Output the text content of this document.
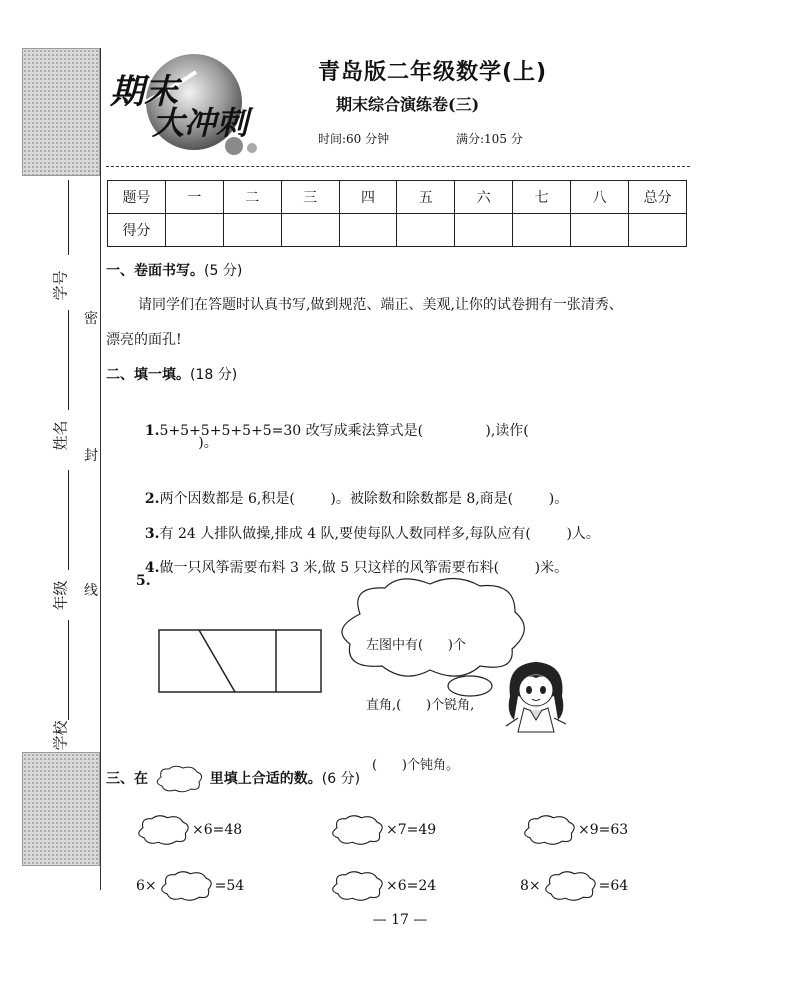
学号
姓名
年级
学校
密
封
线
期末
大冲刺
青岛版二年级数学(上)
期末综合演练卷(三)
时间:60 分钟	满分:105 分
题号	一	二	三	四	五	六	七	八	总分
得分									
一、卷面书写。(5 分)
请同学们在答题时认真书写,做到规范、端正、美观,让你的试卷拥有一张清秀、
漂亮的面孔!
二、填一填。(18 分)

1.5+5+5+5+5+5=30 改写成乘法算式是(              ),读作(

)。

2.两个因数都是 6,积是(        )。被除数和除数都是 8,商是(        )。

3.有 24 人排队做操,排成 4 队,要使每队人数同样多,每队应有(        )人。

4.做一只风筝需要布料 3 米,做 5 只这样的风筝需要布料(        )米。

5.

左图中有(      )个

直角,(      )个锐角,

(      )个钝角。

三、在	里填上合适的数。(6 分)
×6=48	×7=49	×9=63
6×	=54	×6=24	8×	=64
— 17 —
